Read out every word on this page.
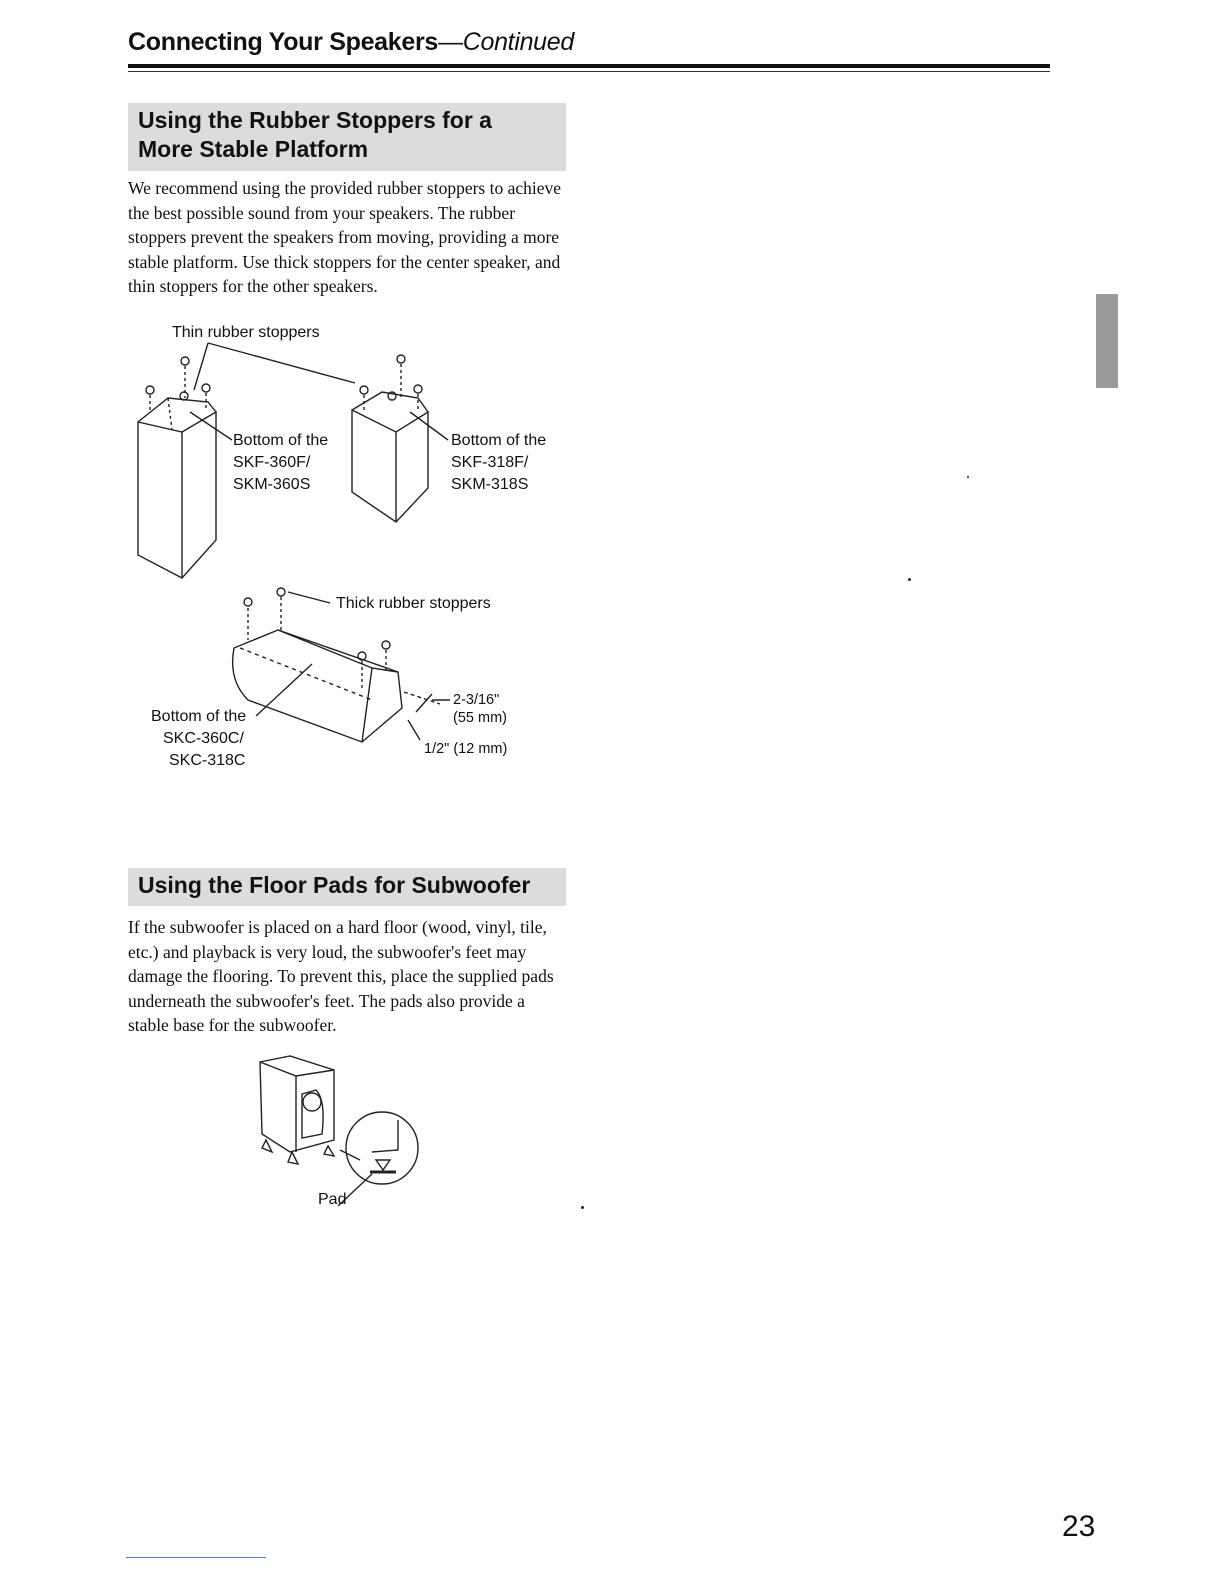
Connecting Your Speakers—Continued
Using the Rubber Stoppers for a
More Stable Platform
We recommend using the provided rubber stoppers to achieve the best possible sound from your speakers. The rubber stoppers prevent the speakers from moving, providing a more stable platform. Use thick stoppers for the center speaker, and thin stoppers for the other speakers.
Thin rubber stoppers
Bottom of the
SKF-360F/
SKM-360S
Bottom of the
SKF-318F/
SKM-318S
Thick rubber stoppers
Bottom of the
SKC-360C/
SKC-318C
2-3/16"
(55 mm)
1/2" (12 mm)
Using the Floor Pads for Subwoofer
If the subwoofer is placed on a hard floor (wood, vinyl, tile, etc.) and playback is very loud, the subwoofer's feet may damage the flooring. To prevent this, place the supplied pads underneath the subwoofer's feet. The pads also provide a stable base for the subwoofer.
Pad
23
